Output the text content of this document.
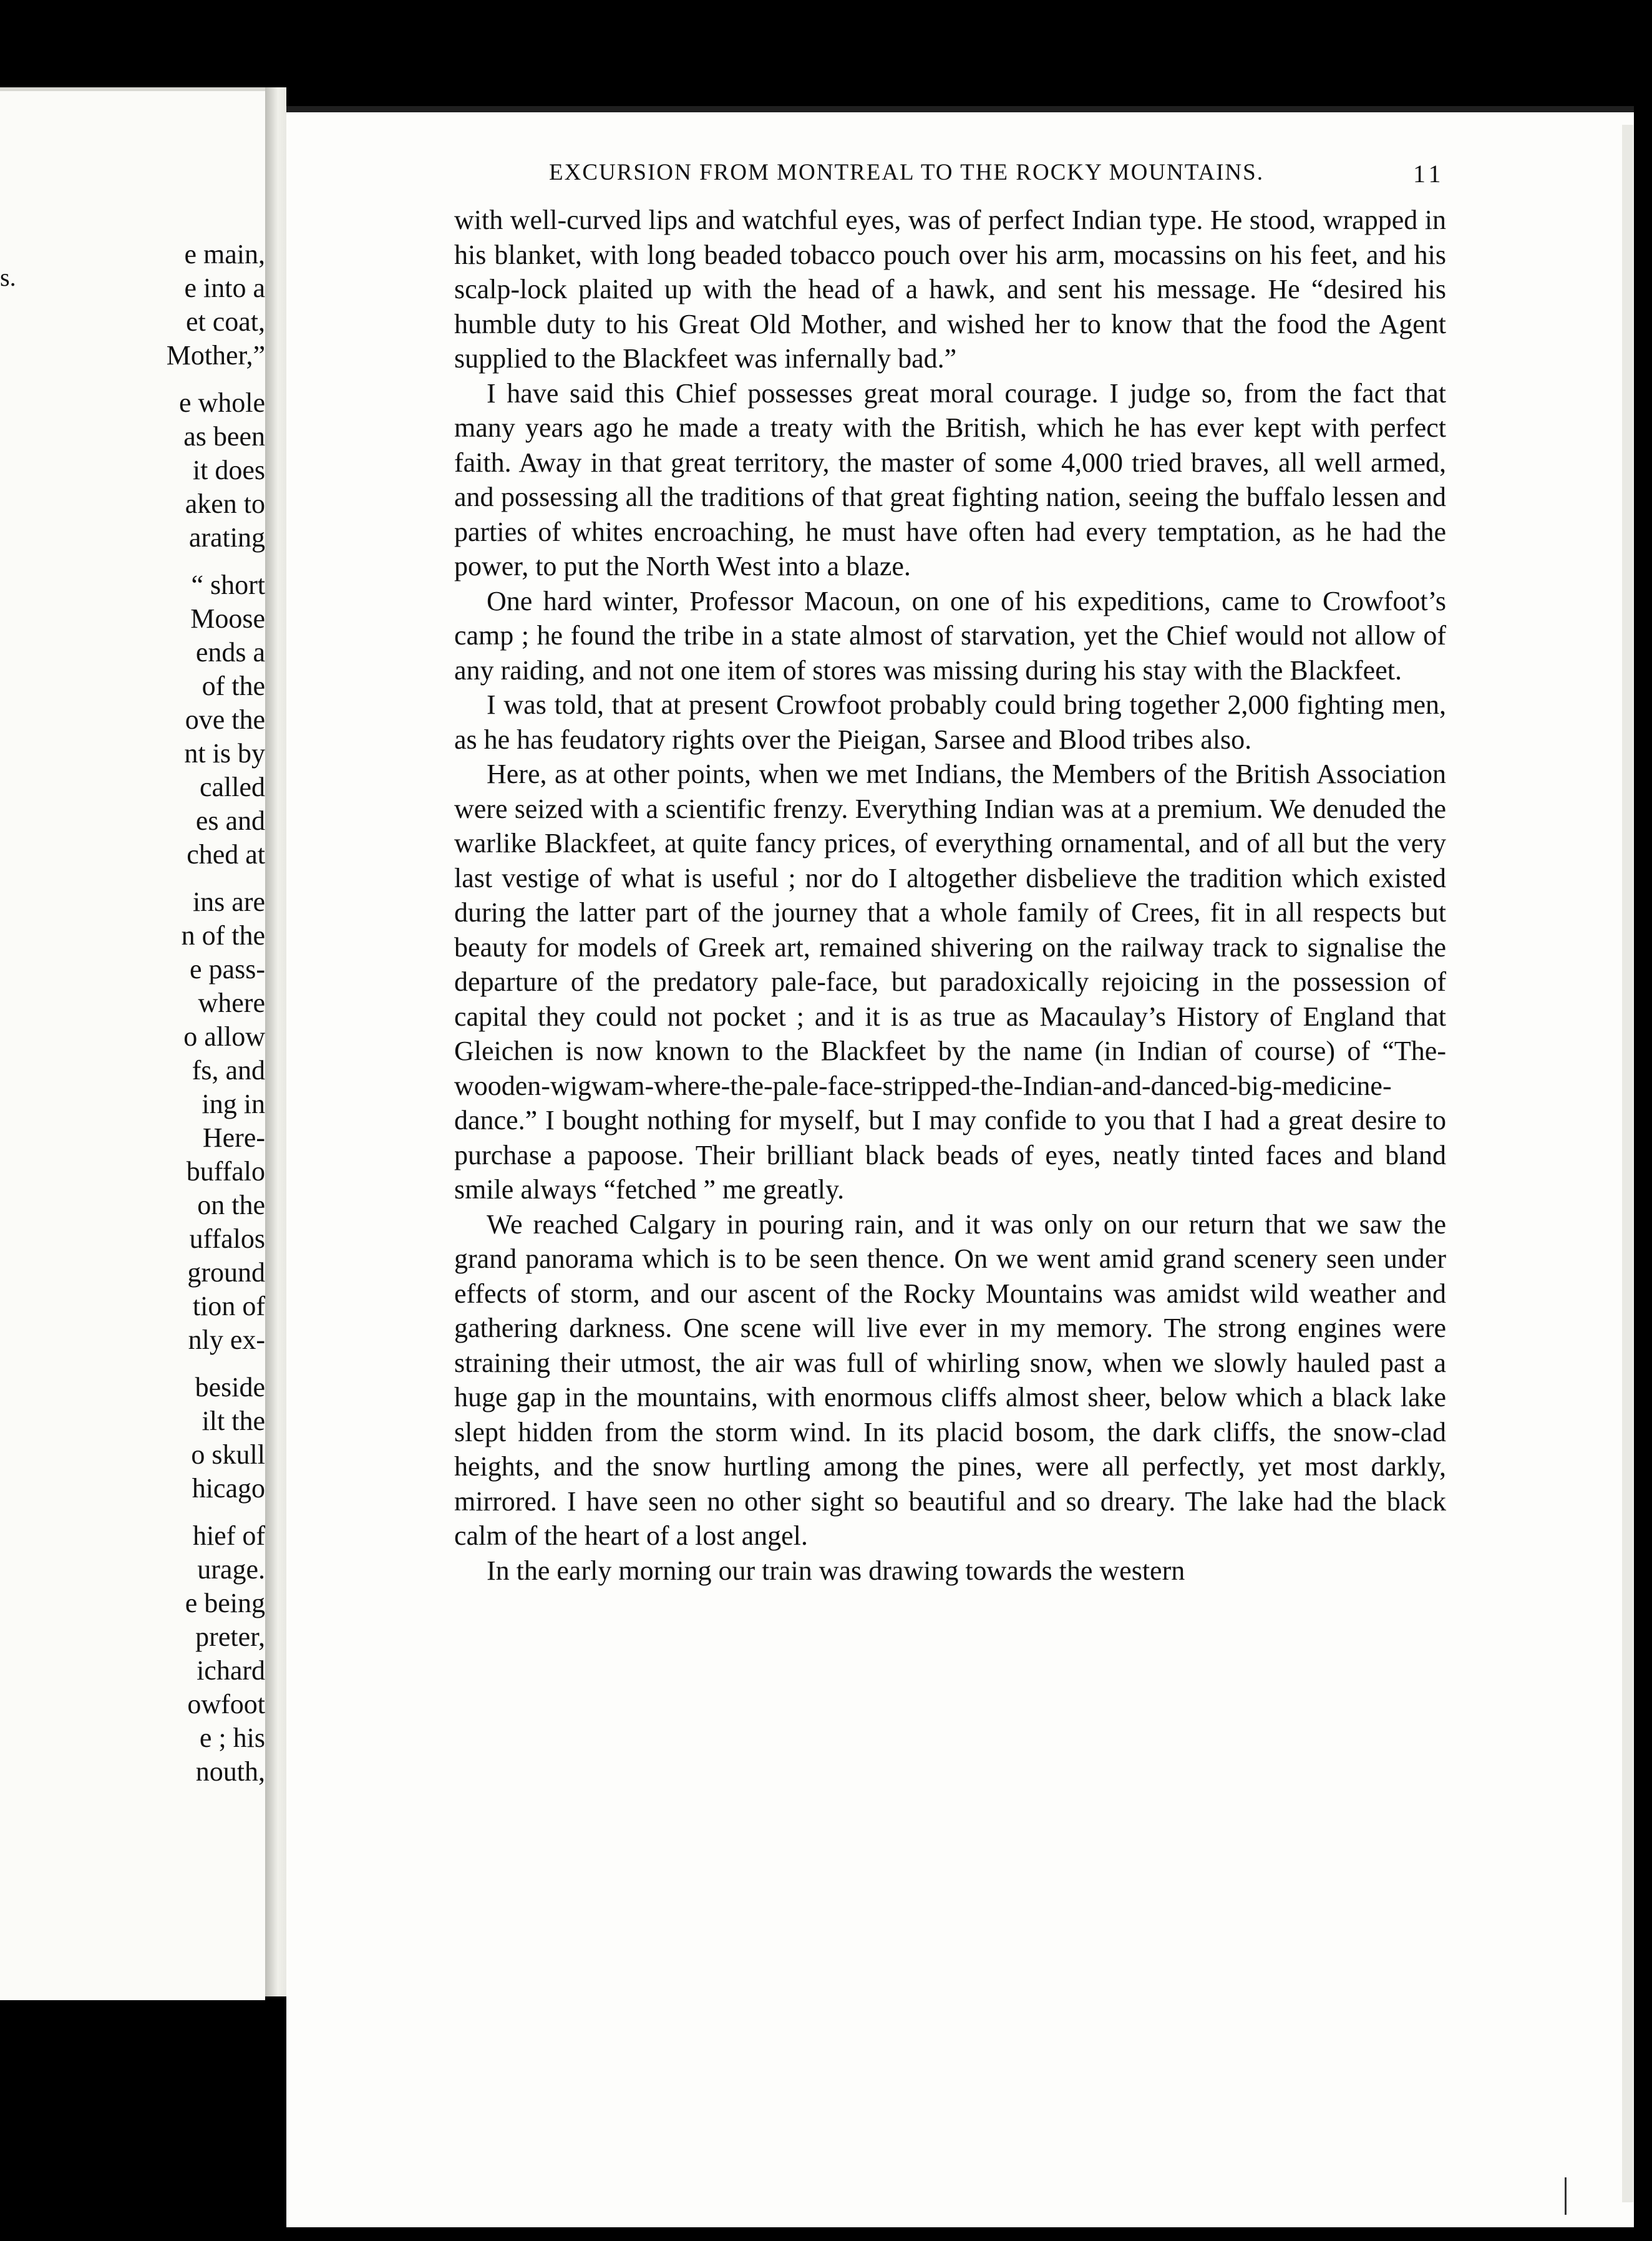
s.
e main,
e into a
et coat,
Mother,”
e whole
as been
it does
aken to
arating
“ short
Moose
ends a
of the
ove the
nt is by
called
es and
ched at
ins are
n of the
e pass-
where
o allow
fs, and
ing in
Here-
buffalo
on the
uffalos
ground
tion of
nly ex-
beside
ilt the
o skull
hicago
hief of
urage.
e being
preter,
ichard
owfoot
e ; his
nouth,
EXCURSION FROM MONTREAL TO THE ROCKY MOUNTAINS.	11

with well-curved lips and watchful eyes, was of perfect Indian type. He stood, wrapped in his blanket, with long beaded tobacco pouch over his arm, mocassins on his feet, and his scalp-lock plaited up with the head of a hawk, and sent his message. He “desired his humble duty to his Great Old Mother, and wished her to know that the food the Agent supplied to the Blackfeet was infernally bad.”

I have said this Chief possesses great moral courage. I judge so, from the fact that many years ago he made a treaty with the British, which he has ever kept with perfect faith. Away in that great territory, the master of some 4,000 tried braves, all well armed, and possessing all the traditions of that great fighting nation, seeing the buffalo lessen and parties of whites encroaching, he must have often had every temptation, as he had the power, to put the North West into a blaze.

One hard winter, Professor Macoun, on one of his expeditions, came to Crowfoot’s camp ; he found the tribe in a state almost of starvation, yet the Chief would not allow of any raiding, and not one item of stores was missing during his stay with the Blackfeet.

I was told, that at present Crowfoot probably could bring together 2,000 fighting men, as he has feudatory rights over the Pieigan, Sarsee and Blood tribes also.

Here, as at other points, when we met Indians, the Members of the British Association were seized with a scientific frenzy. Everything Indian was at a premium. We denuded the warlike Blackfeet, at quite fancy prices, of everything ornamental, and of all but the very last vestige of what is useful ; nor do I altogether disbelieve the tradition which existed during the latter part of the journey that a whole family of Crees, fit in all respects but beauty for models of Greek art, remained shivering on the railway track to signalise the departure of the predatory pale-face, but paradoxically rejoicing in the possession of capital they could not pocket ; and it is as true as Macaulay’s History of England that Gleichen is now known to the Blackfeet by the name (in Indian of course) of “The-wooden-wigwam-where-the-pale-face-stripped-the-Indian-and-danced-big-medicine-dance.” I bought nothing for myself, but I may confide to you that I had a great desire to purchase a papoose. Their brilliant black beads of eyes, neatly tinted faces and bland smile always “fetched ” me greatly.

We reached Calgary in pouring rain, and it was only on our return that we saw the grand panorama which is to be seen thence. On we went amid grand scenery seen under effects of storm, and our ascent of the Rocky Mountains was amidst wild weather and gathering darkness. One scene will live ever in my memory. The strong engines were straining their utmost, the air was full of whirling snow, when we slowly hauled past a huge gap in the mountains, with enormous cliffs almost sheer, below which a black lake slept hidden from the storm wind. In its placid bosom, the dark cliffs, the snow-clad heights, and the snow hurtling among the pines, were all perfectly, yet most darkly, mirrored. I have seen no other sight so beautiful and so dreary. The lake had the black calm of the heart of a lost angel.

In the early morning our train was drawing towards the western
